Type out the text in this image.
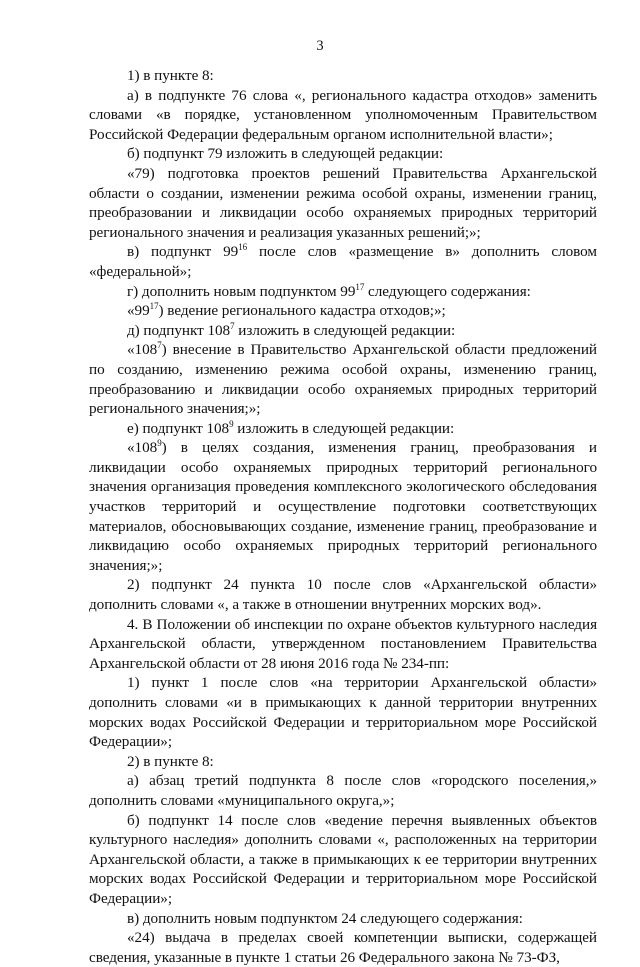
3

1) в пункте 8:

а) в подпункте 76 слова «, регионального кадастра отходов» заменить словами «в порядке, установленном уполномоченным Правительством Российской Федерации федеральным органом исполнительной власти»;

б) подпункт 79 изложить в следующей редакции:

«79) подготовка проектов решений Правительства Архангельской области о создании, изменении режима особой охраны, изменении границ, преобразовании и ликвидации особо охраняемых природных территорий регионального значения и реализация указанных решений;»;

в) подпункт $99^{16}$ после слов «размещение в» дополнить словом «федеральной»;

г) дополнить новым подпунктом $99^{17}$ следующего содержания:

«$99^{17}$) ведение регионального кадастра отходов;»;

д) подпункт $108^7$ изложить в следующей редакции:

«$108^7$) внесение в Правительство Архангельской области предложений по созданию, изменению режима особой охраны, изменению границ, преобразованию и ликвидации особо охраняемых природных территорий регионального значения;»;

е) подпункт $108^9$ изложить в следующей редакции:

«$108^9$) в целях создания, изменения границ, преобразования и ликвидации особо охраняемых природных территорий регионального значения организация проведения комплексного экологического обследования участков территорий и осуществление подготовки соответствующих материалов, обосновывающих создание, изменение границ, преобразование и ликвидацию особо охраняемых природных территорий регионального значения;»;

2) подпункт 24 пункта 10 после слов «Архангельской области» дополнить словами «, а также в отношении внутренних морских вод».

4. В Положении об инспекции по охране объектов культурного наследия Архангельской области, утвержденном постановлением Правительства Архангельской области от 28 июня 2016 года № 234-пп:

1) пункт 1 после слов «на территории Архангельской области» дополнить словами «и в примыкающих к данной территории внутренних морских водах Российской Федерации и территориальном море Российской Федерации»;

2) в пункте 8:

а) абзац третий подпункта 8 после слов «городского поселения,» дополнить словами «муниципального округа,»;

б) подпункт 14 после слов «ведение перечня выявленных объектов культурного наследия» дополнить словами «, расположенных на территории Архангельской области, а также в примыкающих к ее территории внутренних морских водах Российской Федерации и территориальном море Российской Федерации»;

в) дополнить новым подпунктом 24 следующего содержания:

«24) выдача в пределах своей компетенции выписки, содержащей сведения, указанные в пункте 1 статьи 26 Федерального закона № 73-ФЗ,
